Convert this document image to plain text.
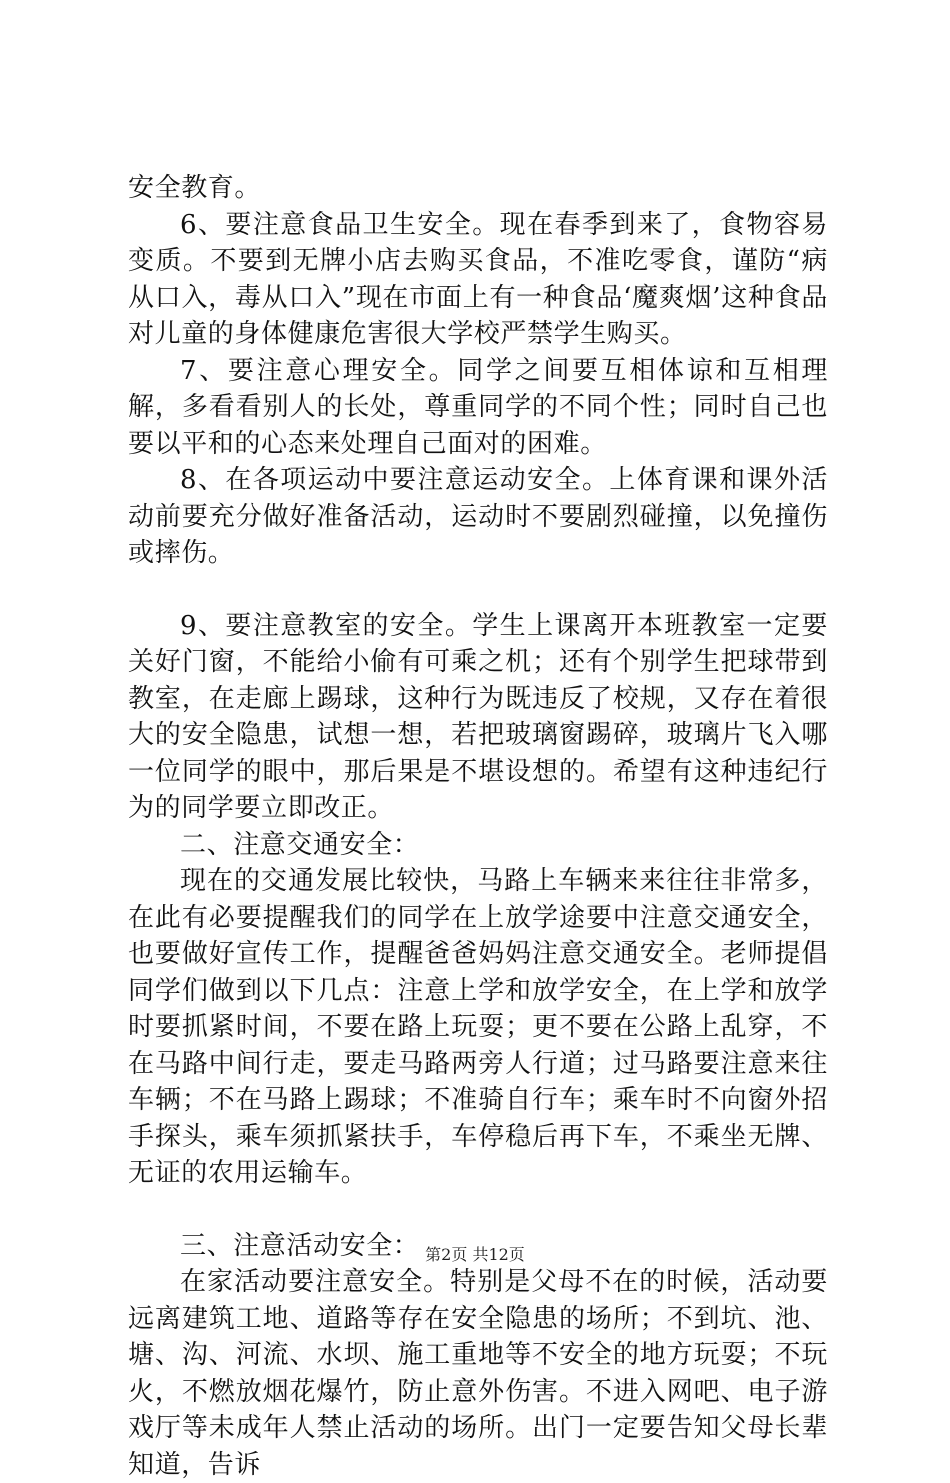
安全教育。

6、要注意食品卫生安全。现在春季到来了，食物容易变质。不要到无牌小店去购买食品，不准吃零食，谨防“病从口入，毒从口入”现在市面上有一种食品‘魔爽烟’这种食品对儿童的身体健康危害很大学校严禁学生购买。

7、要注意心理安全。同学之间要互相体谅和互相理解，多看看别人的长处，尊重同学的不同个性；同时自己也要以平和的心态来处理自己面对的困难。

8、在各项运动中要注意运动安全。上体育课和课外活动前要充分做好准备活动，运动时不要剧烈碰撞，以免撞伤或摔伤。

9、要注意教室的安全。学生上课离开本班教室一定要关好门窗，不能给小偷有可乘之机；还有个别学生把球带到教室，在走廊上踢球，这种行为既违反了校规，又存在着很大的安全隐患，试想一想，若把玻璃窗踢碎，玻璃片飞入哪一位同学的眼中，那后果是不堪设想的。希望有这种违纪行为的同学要立即改正。

二、注意交通安全：

现在的交通发展比较快，马路上车辆来来往往非常多，在此有必要提醒我们的同学在上放学途要中注意交通安全，也要做好宣传工作，提醒爸爸妈妈注意交通安全。老师提倡同学们做到以下几点：注意上学和放学安全，在上学和放学时要抓紧时间，不要在路上玩耍；更不要在公路上乱穿，不在马路中间行走，要走马路两旁人行道；过马路要注意来往车辆；不在马路上踢球；不准骑自行车；乘车时不向窗外招手探头，乘车须抓紧扶手，车停稳后再下车，不乘坐无牌、无证的农用运输车。

三、注意活动安全：

在家活动要注意安全。特别是父母不在的时候，活动要远离建筑工地、道路等存在安全隐患的场所；不到坑、池、塘、沟、河流、水坝、施工重地等不安全的地方玩耍；不玩火，不燃放烟花爆竹，防止意外伤害。不进入网吧、电子游戏厅等未成年人禁止活动的场所。出门一定要告知父母长辈知道，告诉

第2页 共12页
